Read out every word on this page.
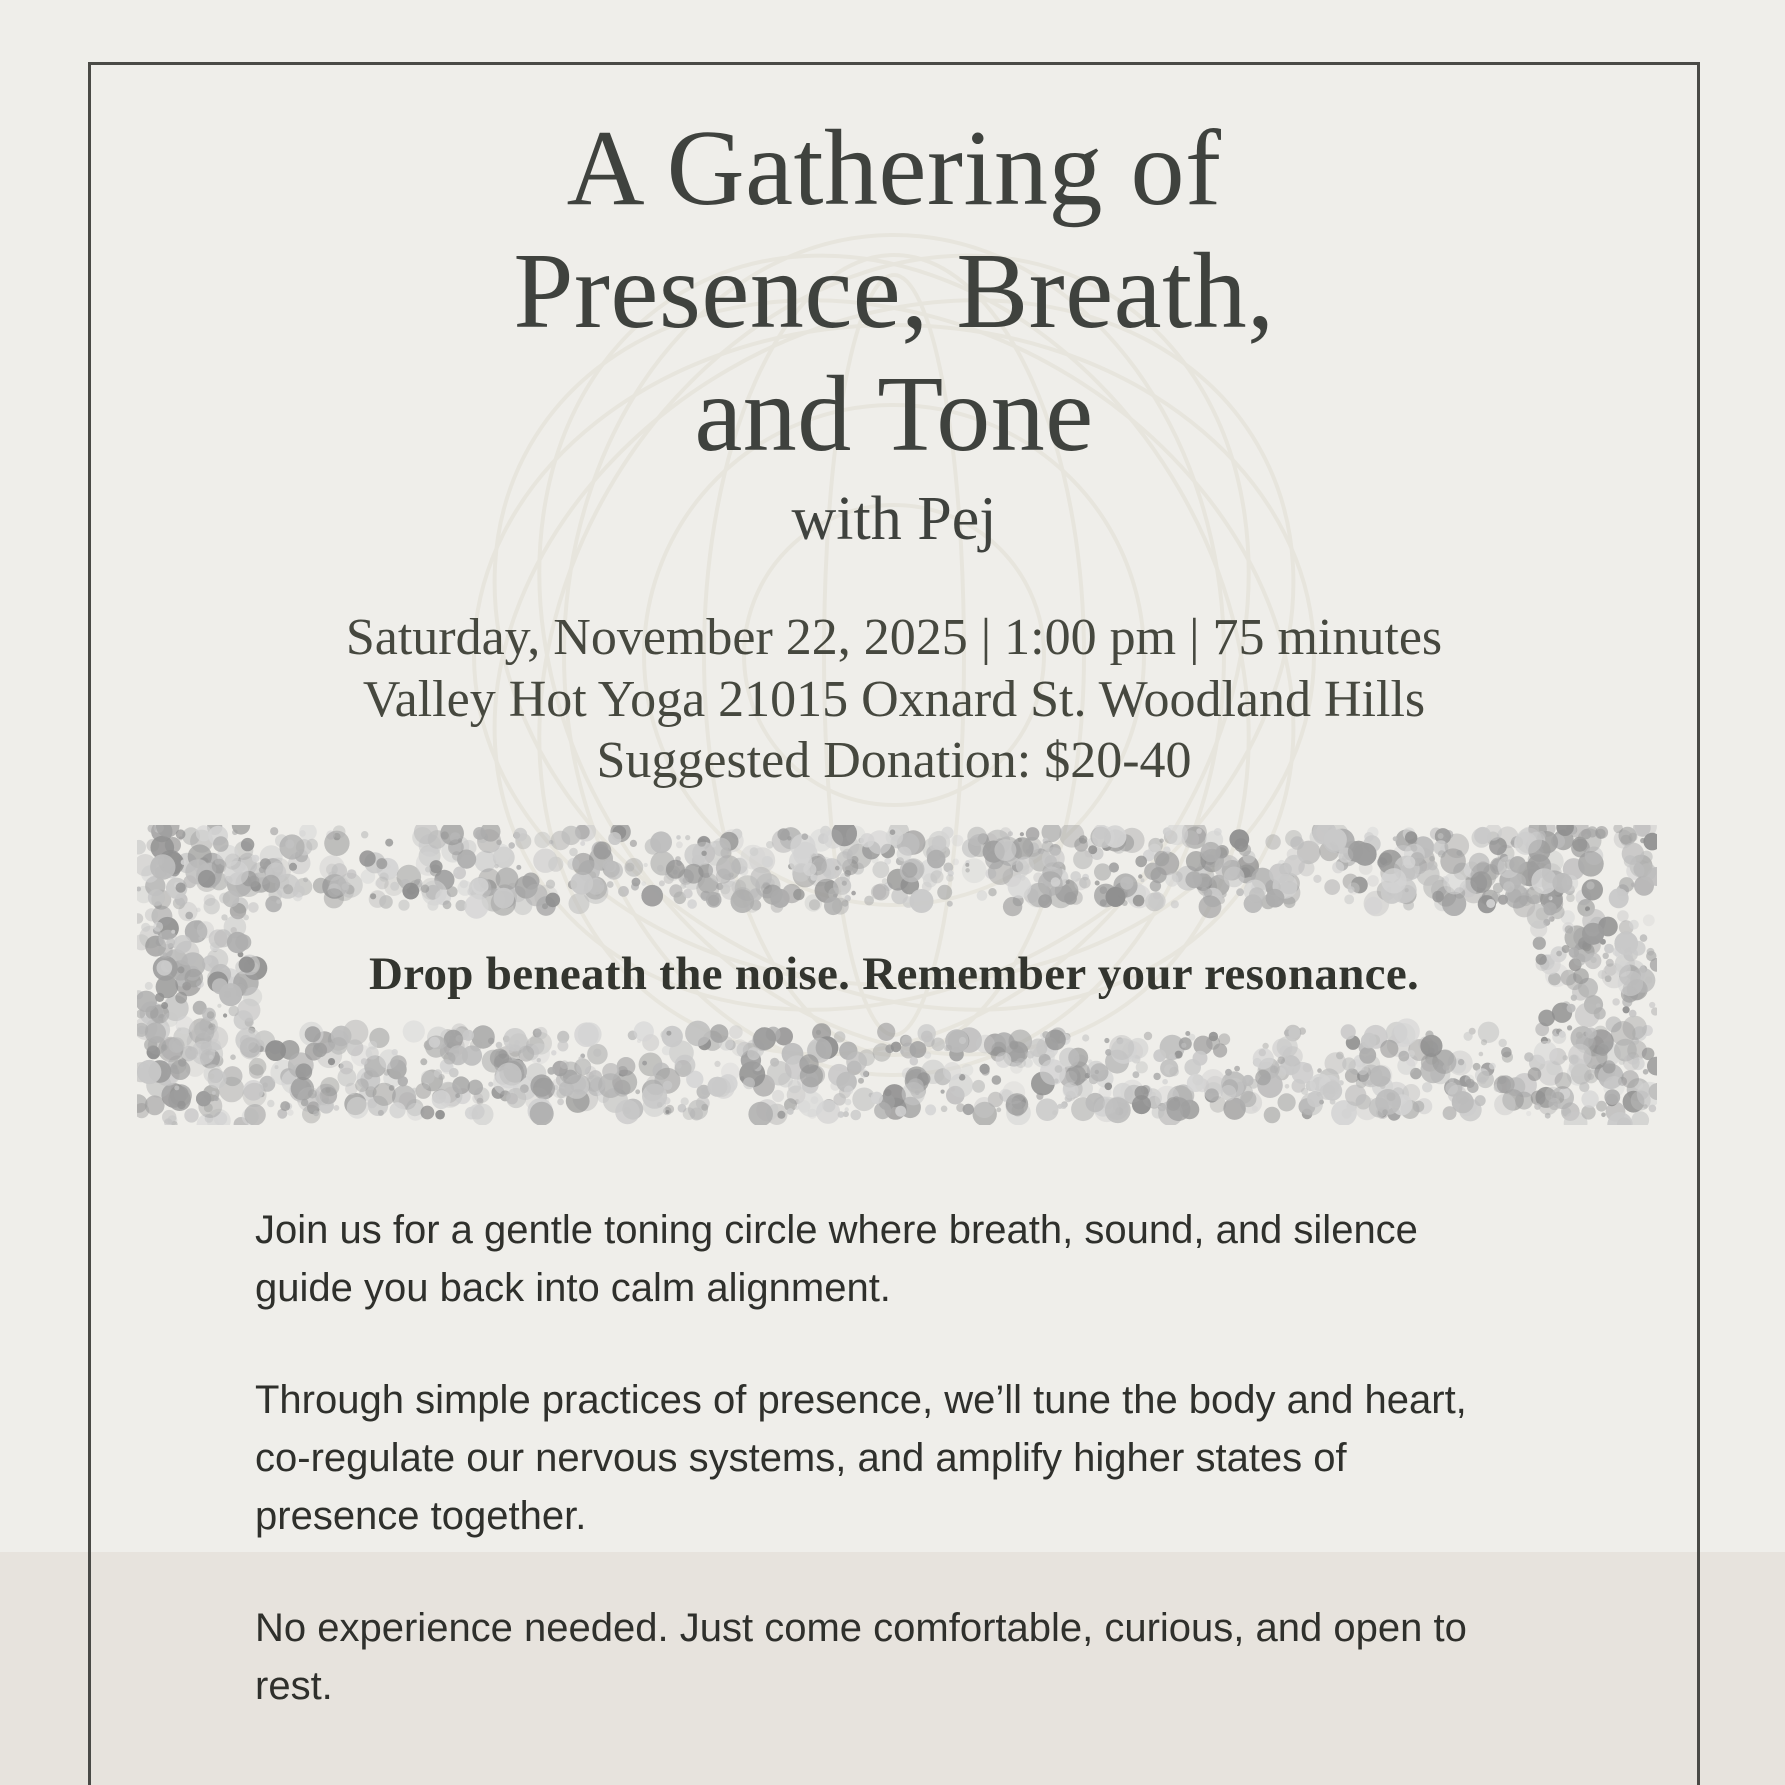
A Gathering of
Presence, Breath,
and Tone
with Pej
Saturday, November 22, 2025 | 1:00 pm | 75 minutes
Valley Hot Yoga 21015 Oxnard St. Woodland Hills
Suggested Donation: $20-40
Drop beneath the noise. Remember your resonance.

Join us for a gentle toning circle where breath, sound, and silence guide you back into calm alignment.

Through simple practices of presence, we’ll tune the body and heart, co-regulate our nervous systems, and amplify higher states of presence together.

No experience needed. Just come comfortable, curious, and open to rest.
